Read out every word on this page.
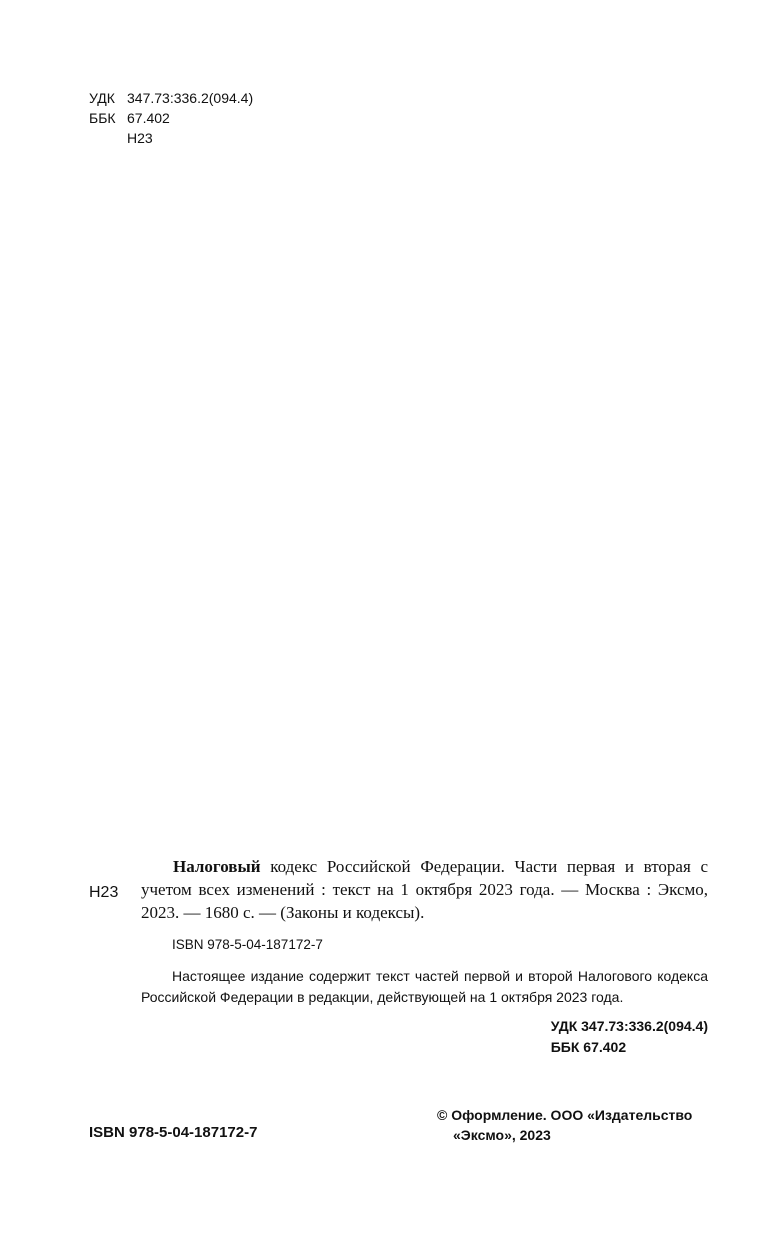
УДК 347.73:336.2(094.4)
ББК 67.402
Н23
Н23
Налоговый кодекс Российской Федерации. Части первая и вторая с учетом всех изменений : текст на 1 октября 2023 года. — Москва : Эксмо, 2023. — 1680 с. — (Законы и кодексы).
ISBN 978-5-04-187172-7
Настоящее издание содержит текст частей первой и второй Налогового кодекса Российской Федерации в редакции, действующей на 1 октября 2023 года.
УДК 347.73:336.2(094.4)
ББК 67.402
ISBN 978-5-04-187172-7
© Оформление. ООО «Издательство
«Эксмо», 2023
